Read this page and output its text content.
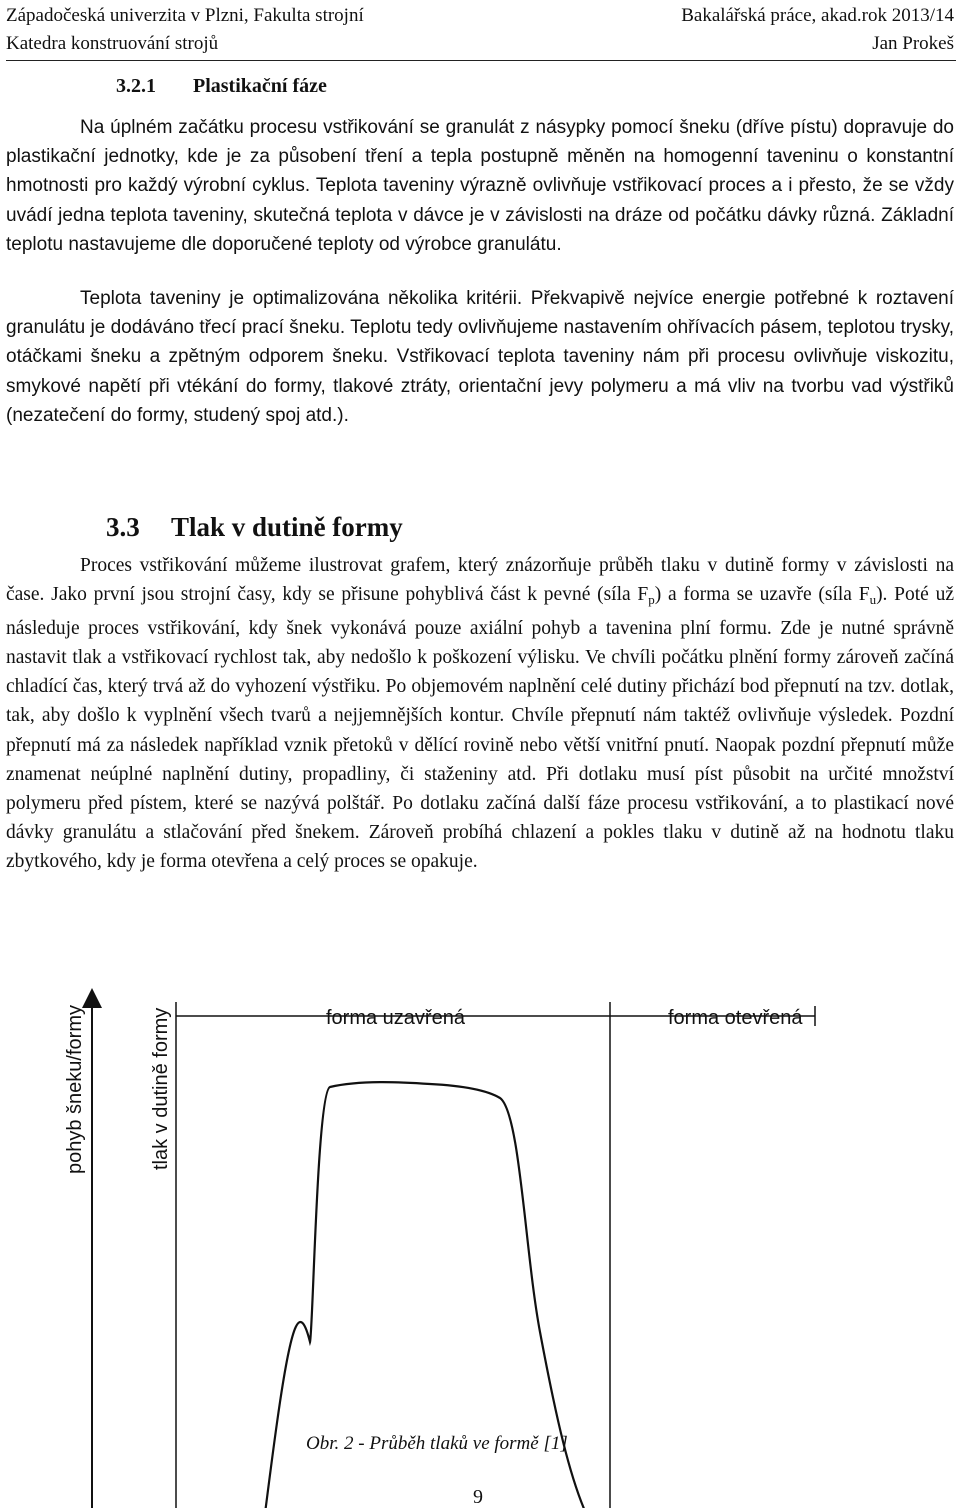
Západočeská univerzita v Plzni, Fakulta strojní	Bakalářská práce, akad.rok 2013/14
Katedra konstruování strojů	Jan Prokeš
3.2.1 Plastikační fáze

Na úplném začátku procesu vstřikování se granulát z násypky pomocí šneku (dříve pístu) dopravuje do plastikační jednotky, kde je za působení tření a tepla postupně měněn na homogenní taveninu o konstantní hmotnosti pro každý výrobní cyklus. Teplota taveniny výrazně ovlivňuje vstřikovací proces a i přesto, že se vždy uvádí jedna teplota taveniny, skutečná teplota v dávce je v závislosti na dráze od počátku dávky různá. Základní teplotu nastavujeme dle doporučené teploty od výrobce granulátu.

Teplota taveniny je optimalizována několika kritérii. Překvapivě nejvíce energie potřebné k roztavení granulátu je dodáváno třecí prací šneku. Teplotu tedy ovlivňujeme nastavením ohřívacích pásem, teplotou trysky, otáčkami šneku a zpětným odporem šneku. Vstřikovací teplota taveniny nám při procesu ovlivňuje viskozitu, smykové napětí při vtékání do formy, tlakové ztráty, orientační jevy polymeru a má vliv na tvorbu vad výstřiků (nezatečení do formy, studený spoj atd.).

3.3 Tlak v dutině formy

Proces vstřikování můžeme ilustrovat grafem, který znázorňuje průběh tlaku v dutině formy v závislosti na čase. Jako první jsou strojní časy, kdy se přisune pohyblivá část k pevné (síla $F_p$) a forma se uzavře (síla $F_u$). Poté už následuje proces vstřikování, kdy šnek vykonává pouze axiální pohyb a tavenina plní formu. Zde je nutné správně nastavit tlak a vstřikovací rychlost tak, aby nedošlo k poškození výlisku. Ve chvíli počátku plnění formy zároveň začíná chladící čas, který trvá až do vyhození výstřiku. Po objemovém naplnění celé dutiny přichází bod přepnutí na tzv. dotlak, tak, aby došlo k vyplnění všech tvarů a nejjemnějších kontur. Chvíle přepnutí nám taktéž ovlivňuje výsledek. Pozdní přepnutí má za následek například vznik přetoků v dělící rovině nebo větší vnitřní pnutí. Naopak pozdní přepnutí může znamenat neúplné naplnění dutiny, propadliny, či staženiny atd. Při dotlaku musí píst působit na určité množství polymeru před pístem, které se nazývá polštář. Po dotlaku začíná další fáze procesu vstřikování, a to plastikací nové dávky granulátu a stlačování před šnekem. Zároveň probíhá chlazení a pokles tlaku v dutině až na hodnotu tlaku zbytkového, kdy je forma otevřena a celý proces se opakuje.

pohyb šneku/formy	tlak v dutině formy	forma uzavřená	forma otevřená
Obr. 2 - Průběh tlaků ve formě [1]
9
